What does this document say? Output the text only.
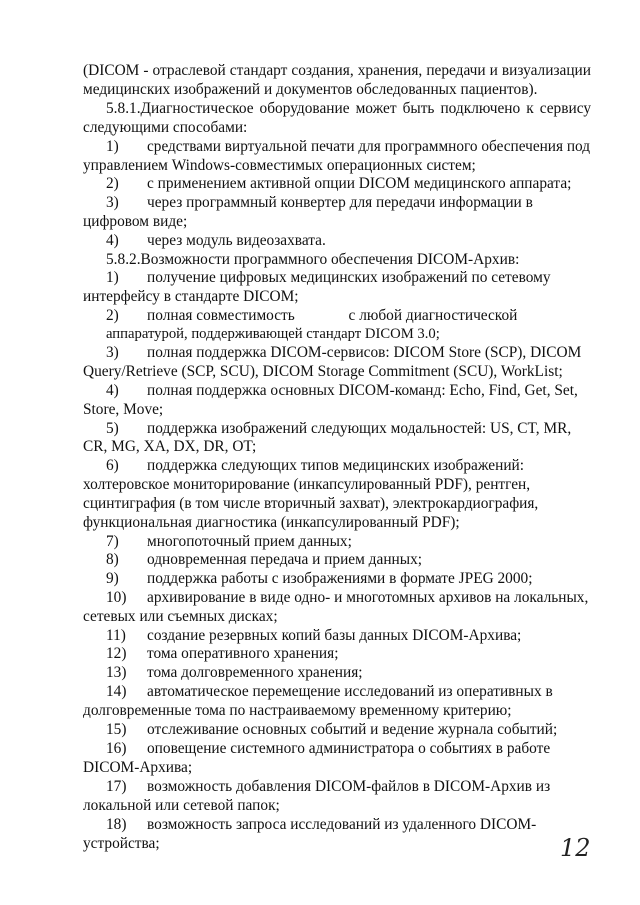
(DICOM - отраслевой стандарт создания, хранения, передачи и визуализации
медицинских изображений и документов обследованных пациентов).
5.8.1.Диагностическое оборудование может быть подключено к сервису
следующими способами:
1) средствами виртуальной печати для программного обеспечения под
управлением Windows-совместимых операционных систем;
2) с применением активной опции DICOM медицинского аппарата;
3) через программный конвертер для передачи информации в
цифровом виде;
4) через модуль видеозахвата.
5.8.2.Возможности программного обеспечения DICOM-Архив:
1) получение цифровых медицинских изображений по сетевому
интерфейсу в стандарте DICOM;
2) полная совместимость              с любой диагностической
аппаратурой, поддерживающей стандарт DICOM 3.0;
3) полная поддержка DICOM-сервисов: DICOM Store (SCP), DICOM
Query/Retrieve (SCP, SCU), DICOM Storage Commitment (SCU), WorkList;
4) полная поддержка основных DICOM-команд: Echo, Find, Get, Set,
Store, Move;
5) поддержка изображений следующих модальностей: US, CT, MR,
CR, MG, XA, DX, DR, OT;
6) поддержка следующих типов медицинских изображений:
холтеровское мониторирование (инкапсулированный PDF), рентген,
сцинтиграфия (в том числе вторичный захват), электрокардиография,
функциональная диагностика (инкапсулированный PDF);
7) многопоточный прием данных;
8) одновременная передача и прием данных;
9) поддержка работы с изображениями в формате JPEG 2000;
10) архивирование в виде одно- и многотомных архивов на локальных,
сетевых или съемных дисках;
11) создание резервных копий базы данных DICOM-Архива;
12) тома оперативного хранения;
13) тома долговременного хранения;
14) автоматическое перемещение исследований из оперативных в
долговременные тома по настраиваемому временному критерию;
15) отслеживание основных событий и ведение журнала событий;
16) оповещение системного администратора о событиях в работе
DICOM-Архива;
17) возможность добавления DICOM-файлов в DICOM-Архив из
локальной или сетевой папок;
18) возможность запроса исследований из удаленного DICOM-
устройства;	12
